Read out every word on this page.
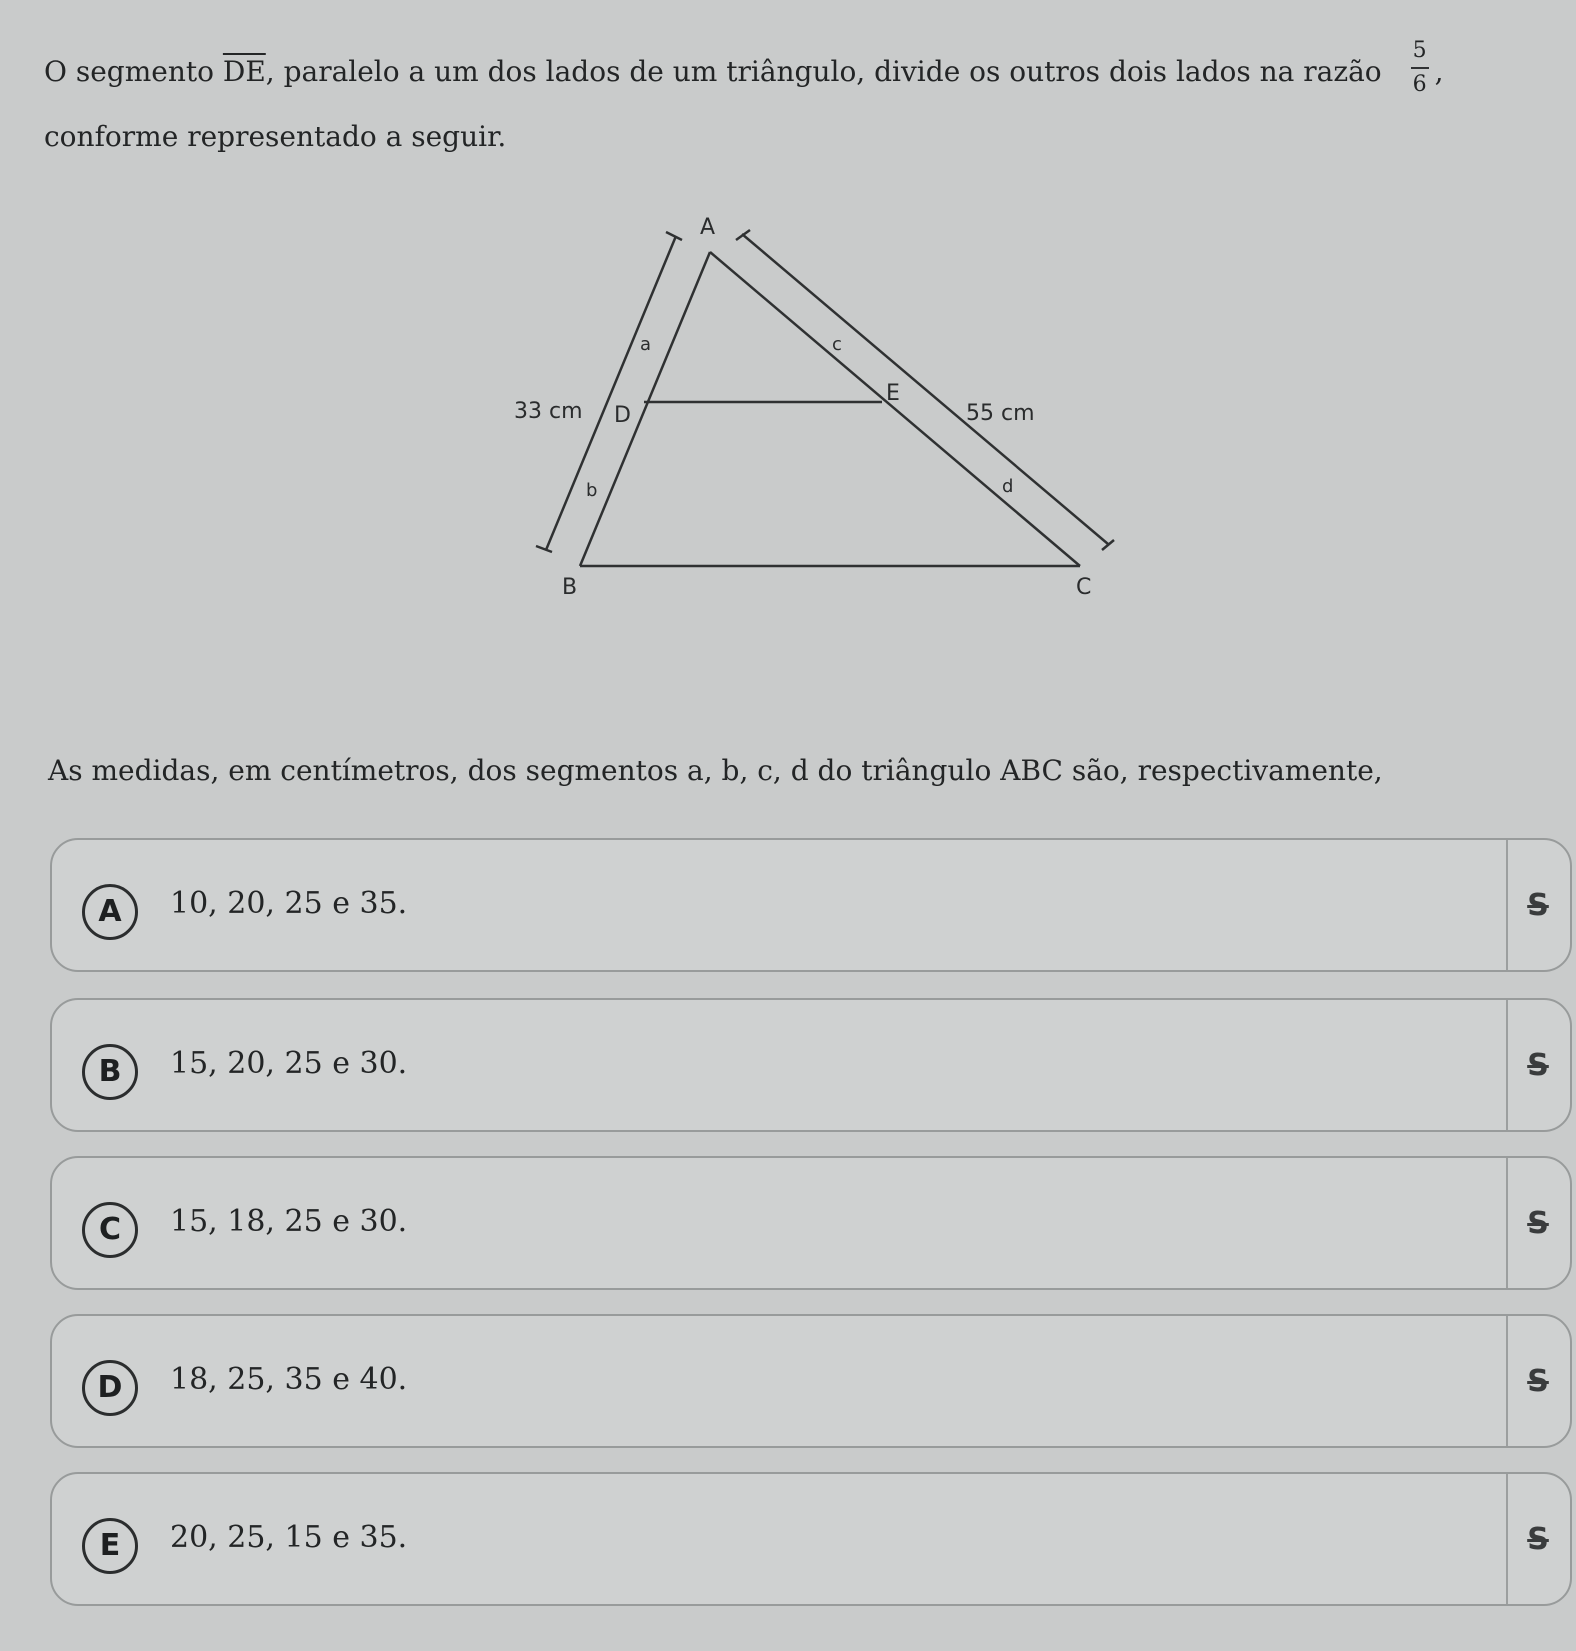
O segmento $\overline{DE}$, paralelo a um dos lados de um triângulo, divide os outros dois lados na razão $\frac{5}{6}$ ,
conforme representado a seguir.
A
B	C
D
E
a
b
c
d
33 cm	55 cm
As medidas, em centímetros, dos segmentos a, b, c, d do triângulo ABC são, respectivamente,
A	10, 20, 25 e 35.	S
B	15, 20, 25 e 30.	S
C	15, 18, 25 e 30.	S
D	18, 25, 35 e 40.	S
E	20, 25, 15 e 35.	S
